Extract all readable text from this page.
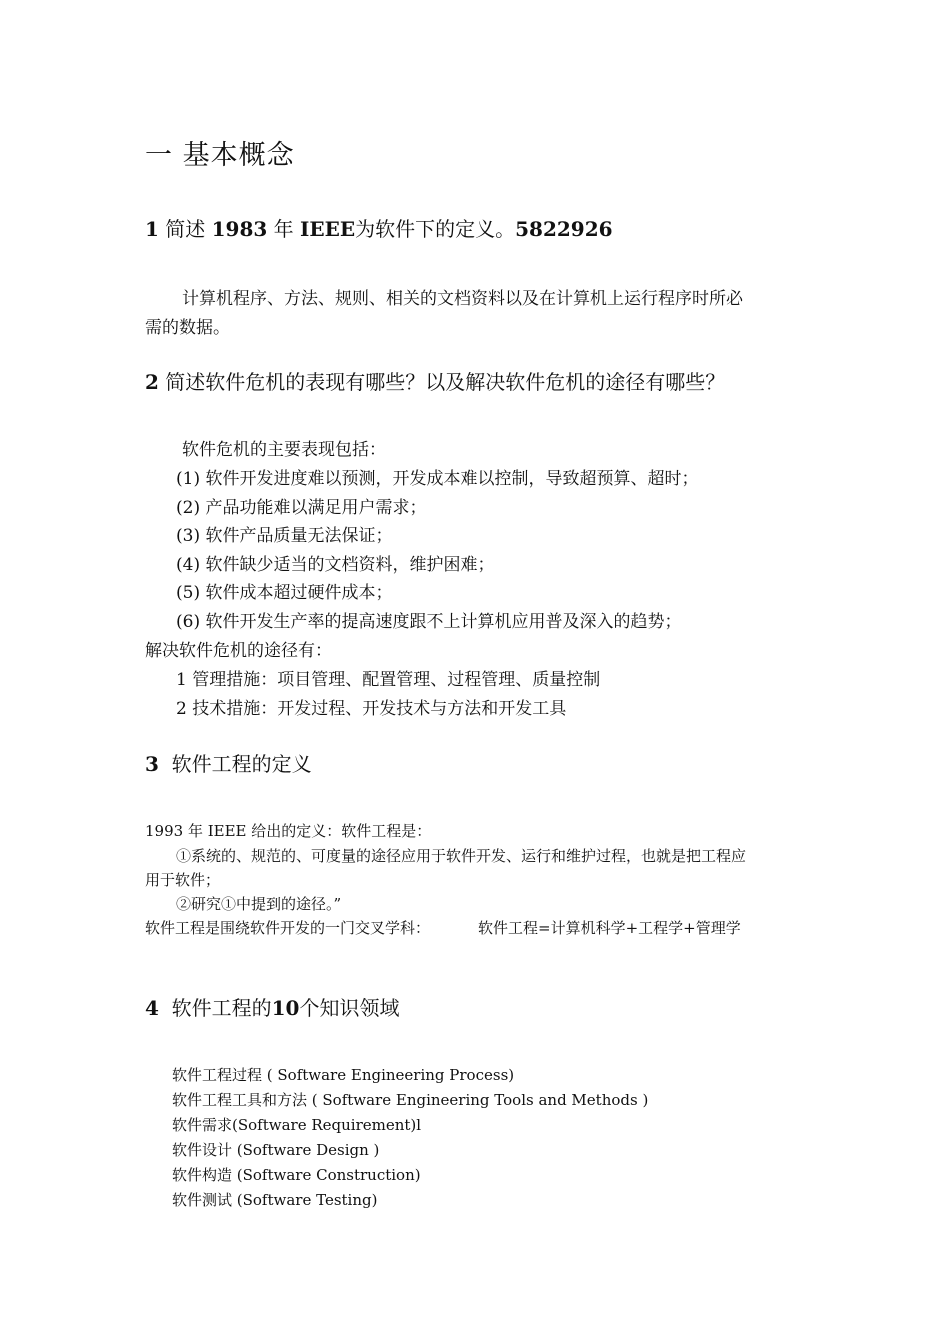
一 基本概念
1 简述 1983 年 IEEE为软件下的定义。5822926
计算机程序、方法、规则、相关的文档资料以及在计算机上运行程序时所必
需的数据。
2 简述软件危机的表现有哪些？以及解决软件危机的途径有哪些？
软件危机的主要表现包括：
(1) 软件开发进度难以预测，开发成本难以控制，导致超预算、超时；
(2) 产品功能难以满足用户需求；
(3) 软件产品质量无法保证；
(4) 软件缺少适当的文档资料，维护困难；
(5) 软件成本超过硬件成本；
(6) 软件开发生产率的提高速度跟不上计算机应用普及深入的趋势；
解决软件危机的途径有：
1 管理措施：项目管理、配置管理、过程管理、质量控制
2 技术措施：开发过程、开发技术与方法和开发工具
3 软件工程的定义
1993 年 IEEE 给出的定义：软件工程是：
①系统的、规范的、可度量的途径应用于软件开发、运行和维护过程，也就是把工程应
用于软件；
②研究①中提到的途径。”
软件工程是围绕软件开发的一门交叉学科：	软件工程=计算机科学+工程学+管理学
4 软件工程的10个知识领域
软件工程过程 ( Software Engineering Process)
软件工程工具和方法 ( Software Engineering Tools and Methods )
软件需求(Software Requirement)l
软件设计 (Software Design )
软件构造 (Software Construction)
软件测试 (Software Testing)
